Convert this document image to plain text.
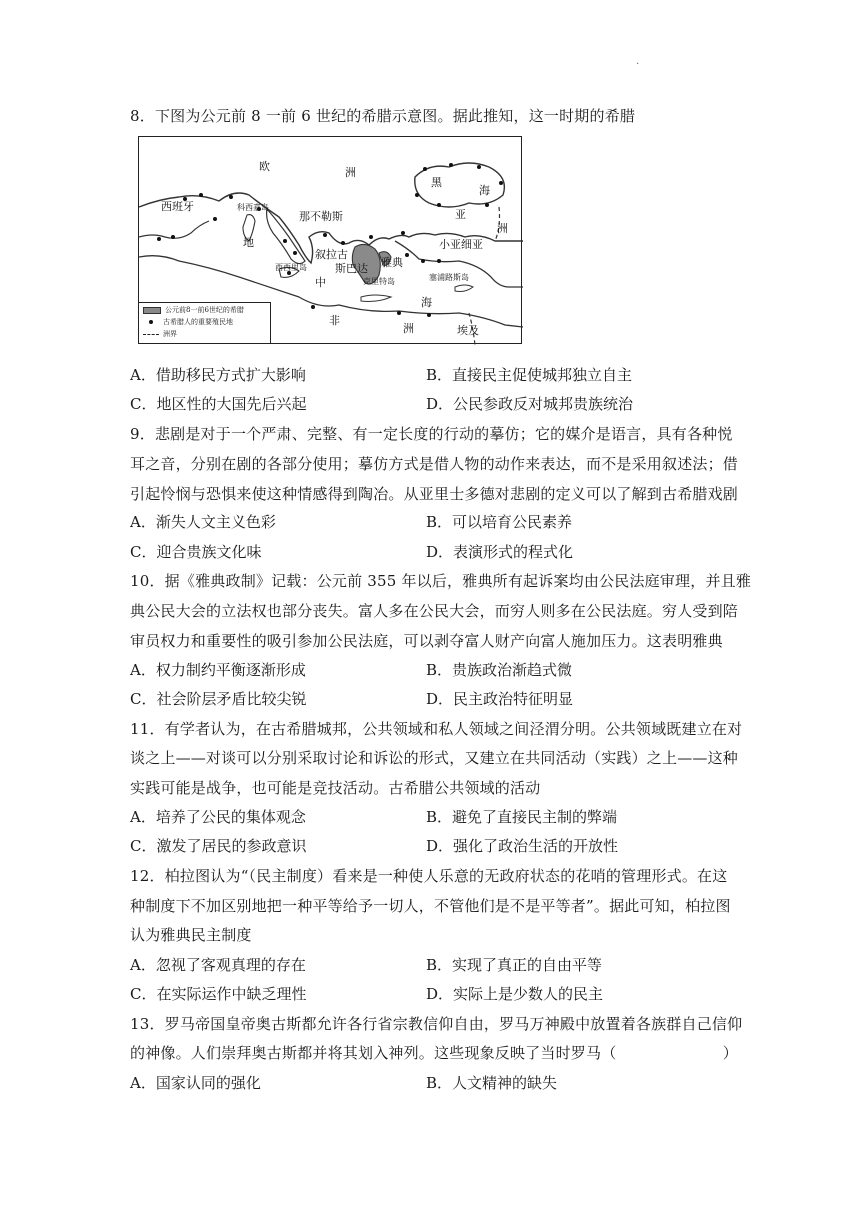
.
8．下图为公元前 8 一前 6 世纪的希腊示意图。据此推知，这一时期的希腊
欧	洲
黑
海
西班牙	科西嘉岛
那不勒斯	亚
洲
小亚细亚
地
叙拉古
西西里岛	雅典
斯巴达
塞浦路斯岛
克里特岛
中
海
非
洲	埃及
公元前8一前6世纪的希腊
古希腊人的重要殖民地
洲界
A．借助移民方式扩大影响	B．直接民主促使城邦独立自主
C．地区性的大国先后兴起	D．公民参政反对城邦贵族统治
9．悲剧是对于一个严肃、完整、有一定长度的行动的摹仿；它的媒介是语言，具有各种悦
耳之音，分别在剧的各部分使用；摹仿方式是借人物的动作来表达，而不是采用叙述法；借
引起怜悯与恐惧来使这种情感得到陶冶。从亚里士多德对悲剧的定义可以了解到古希腊戏剧
A．渐失人文主义色彩	B．可以培育公民素养
C．迎合贵族文化味	D．表演形式的程式化
10．据《雅典政制》记载：公元前 355 年以后，雅典所有起诉案均由公民法庭审理，并且雅
典公民大会的立法权也部分丧失。富人多在公民大会，而穷人则多在公民法庭。穷人受到陪
审员权力和重要性的吸引参加公民法庭，可以剥夺富人财产向富人施加压力。这表明雅典
A．权力制约平衡逐渐形成	B．贵族政治渐趋式微
C．社会阶层矛盾比较尖锐	D．民主政治特征明显
11．有学者认为，在古希腊城邦，公共领域和私人领域之间泾渭分明。公共领域既建立在对
谈之上——对谈可以分别采取讨论和诉讼的形式，又建立在共同活动（实践）之上——这种
实践可能是战争，也可能是竞技活动。古希腊公共领域的活动
A．培养了公民的集体观念	B．避免了直接民主制的弊端
C．激发了居民的参政意识	D．强化了政治生活的开放性
12．柏拉图认为“（民主制度）看来是一种使人乐意的无政府状态的花哨的管理形式。在这
种制度下不加区别地把一种平等给予一切人，不管他们是不是平等者”。据此可知，柏拉图
认为雅典民主制度
A．忽视了客观真理的存在	B．实现了真正的自由平等
C．在实际运作中缺乏理性	D．实际上是少数人的民主
13．罗马帝国皇帝奥古斯都允许各行省宗教信仰自由，罗马万神殿中放置着各族群自己信仰
的神像。人们崇拜奥古斯都并将其划入神列。这些现象反映了当时罗马（　　　　　　　）
A．国家认同的强化	B．人文精神的缺失
